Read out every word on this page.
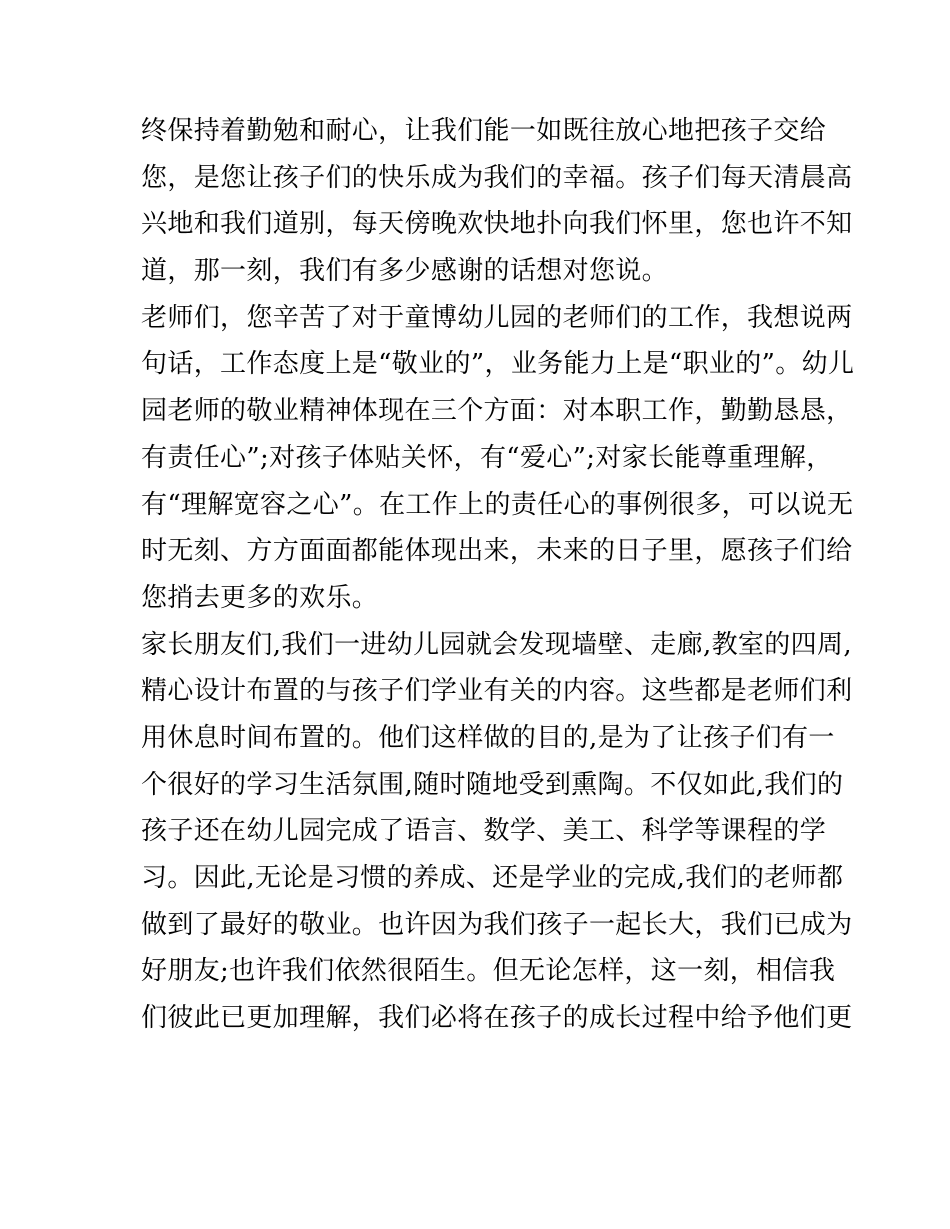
终保持着勤勉和耐心，让我们能一如既往放心地把孩子交给
您，是您让孩子们的快乐成为我们的幸福。孩子们每天清晨高
兴地和我们道别，每天傍晚欢快地扑向我们怀里，您也许不知
道，那一刻，我们有多少感谢的话想对您说。
老师们，您辛苦了对于童博幼儿园的老师们的工作，我想说两
句话，工作态度上是“敬业的”，业务能力上是“职业的”。幼儿
园老师的敬业精神体现在三个方面：对本职工作，勤勤恳恳，
有责任心”;对孩子体贴关怀，有“爱心”;对家长能尊重理解，
有“理解宽容之心”。在工作上的责任心的事例很多，可以说无
时无刻、方方面面都能体现出来，未来的日子里，愿孩子们给
您捎去更多的欢乐。
家长朋友们,我们一进幼儿园就会发现墙壁、走廊,教室的四周,
精心设计布置的与孩子们学业有关的内容。这些都是老师们利
用休息时间布置的。他们这样做的目的,是为了让孩子们有一
个很好的学习生活氛围,随时随地受到熏陶。不仅如此,我们的
孩子还在幼儿园完成了语言、数学、美工、科学等课程的学
习。因此,无论是习惯的养成、还是学业的完成,我们的老师都
做到了最好的敬业。也许因为我们孩子一起长大，我们已成为
好朋友;也许我们依然很陌生。但无论怎样，这一刻，相信我
们彼此已更加理解，我们必将在孩子的成长过程中给予他们更
